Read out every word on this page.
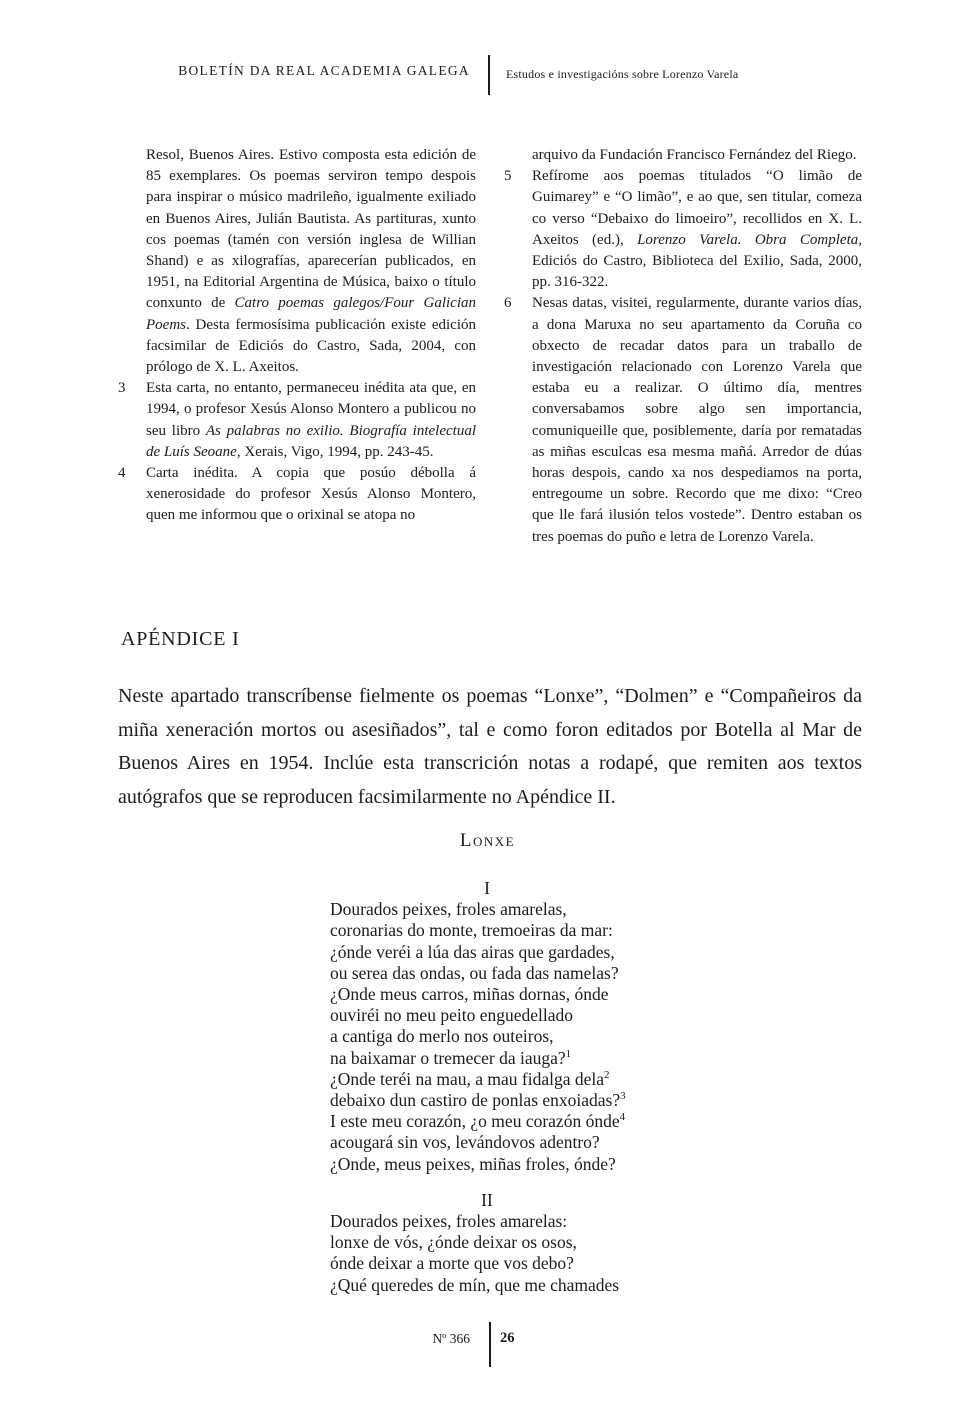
BOLETÍN DA REAL ACADEMIA GALEGA	Estudos e investigacións sobre Lorenzo Varela

Resol, Buenos Aires. Estivo composta esta edición de 85 exemplares. Os poemas serviron tempo despois para inspirar o músico madrileño, igualmente exiliado en Buenos Aires, Julián Bautista. As partituras, xunto cos poemas (tamén con versión inglesa de Willian Shand) e as xilografías, aparecerían publicados, en 1951, na Editorial Argentina de Música, baixo o título conxunto de Catro poemas galegos/Four Galician Poems. Desta fermosísima publicación existe edición facsimilar de Ediciós do Castro, Sada, 2004, con prólogo de X. L. Axeitos.

3	Esta carta, no entanto, permaneceu inédita ata que, en 1994, o profesor Xesús Alonso Montero a publicou no seu libro As palabras no exilio. Biografía intelectual de Luís Seoane, Xerais, Vigo, 1994, pp. 243-45.

4	Carta inédita. A copia que posúo débolla á xenerosidade do profesor Xesús Alonso Montero, quen me informou que o orixinal se atopa no

arquivo da Fundación Francisco Fernández del Riego.

5	Refírome aos poemas titulados “O limão de Guimarey” e “O limão”, e ao que, sen titular, comeza co verso “Debaixo do limoeiro”, recollidos en X. L. Axeitos (ed.), Lorenzo Varela. Obra Completa, Ediciós do Castro, Biblioteca del Exilio, Sada, 2000, pp. 316-322.

6	Nesas datas, visitei, regularmente, durante varios días, a dona Maruxa no seu apartamento da Coruña co obxecto de recadar datos para un traballo de investigación relacionado con Lorenzo Varela que estaba eu a realizar. O último día, mentres conversabamos sobre algo sen importancia, comuniqueille que, posiblemente, daría por rematadas as miñas esculcas esa mesma mañá. Arredor de dúas horas despois, cando xa nos despediamos na porta, entregoume un sobre. Recordo que me dixo: “Creo que lle fará ilusión telos vostede”. Dentro estaban os tres poemas do puño e letra de Lorenzo Varela.

APÉNDICE I

Neste apartado transcríbense fielmente os poemas “Lonxe”, “Dolmen” e “Compañeiros da miña xeneración mortos ou asesiñados”, tal e como foron editados por Botella al Mar de Buenos Aires en 1954. Inclúe esta transcrición notas a rodapé, que remiten aos textos autógrafos que se reproducen facsimilarmente no Apéndice II.

Lonxe
I
Dourados peixes, froles amarelas,
coronarias do monte, tremoeiras da mar:
¿ónde veréi a lúa das airas que gardades,
ou serea das ondas, ou fada das namelas?
¿Onde meus carros, miñas dornas, ónde
ouviréi no meu peito enguedellado
a cantiga do merlo nos outeiros,
na baixamar o tremecer da iauga?$^1$
¿Onde teréi na mau, a mau fidalga dela$^2$
debaixo dun castiro de ponlas enxoiadas?$^3$
I este meu corazón, ¿o meu corazón ónde$^4$
acougará sin vos, levándovos adentro?
¿Onde, meus peixes, miñas froles, ónde?
II
Dourados peixes, froles amarelas:
lonxe de vós, ¿ónde deixar os osos,
ónde deixar a morte que vos debo?
¿Qué queredes de mín, que me chamades
Nº 366 26
